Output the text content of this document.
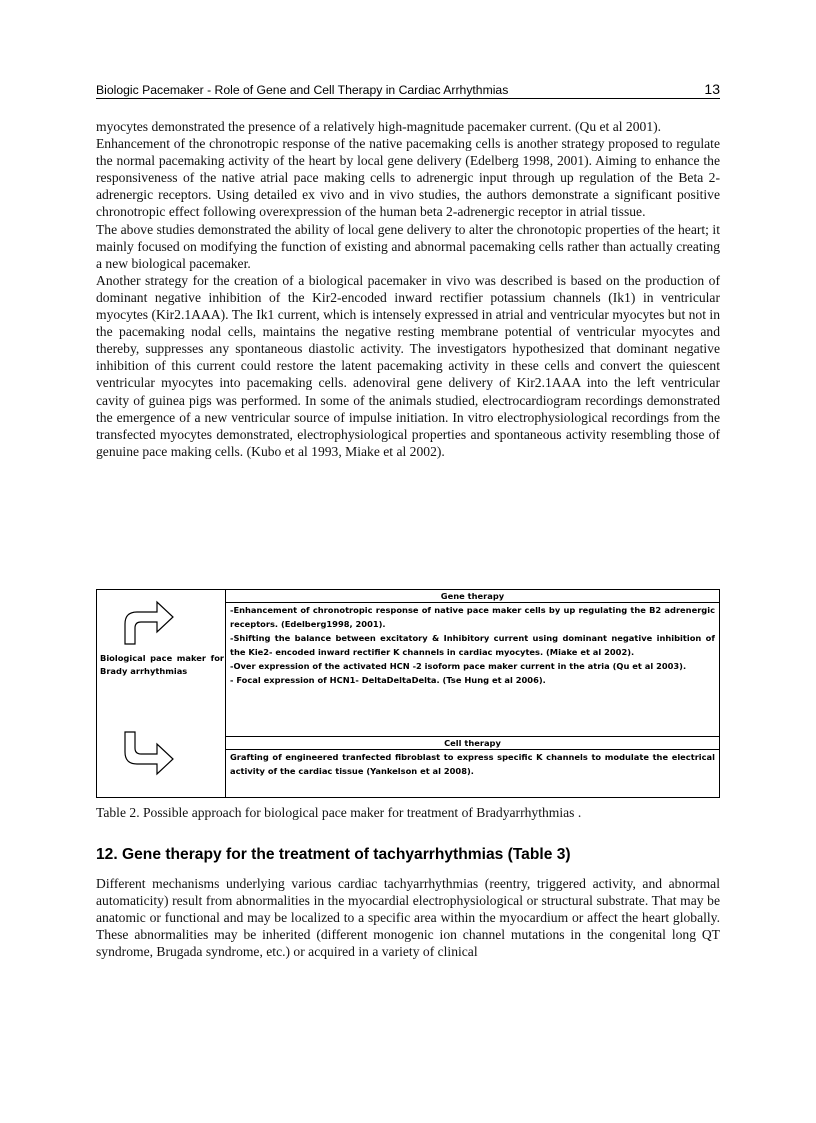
Biologic Pacemaker - Role of Gene and Cell Therapy in Cardiac Arrhythmias	13

myocytes demonstrated the presence of a relatively high-magnitude pacemaker current. (Qu et al 2001).

Enhancement of the chronotropic response of the native pacemaking cells is another strategy proposed to regulate the normal pacemaking activity of the heart by local gene delivery (Edelberg 1998, 2001). Aiming to enhance the responsiveness of the native atrial pace making cells to adrenergic input through up regulation of the Beta 2-adrenergic receptors. Using detailed ex vivo and in vivo studies, the authors demonstrate a significant positive chronotropic effect following overexpression of the human beta 2-adrenergic receptor in atrial tissue.

The above studies demonstrated the ability of local gene delivery to alter the chronotopic properties of the heart; it mainly focused on modifying the function of existing and abnormal pacemaking cells rather than actually creating a new biological pacemaker.

Another strategy for the creation of a biological pacemaker in vivo was described is based on the production of dominant negative inhibition of the Kir2-encoded inward rectifier potassium channels (Ik1) in ventricular myocytes (Kir2.1AAA). The Ik1 current, which is intensely expressed in atrial and ventricular myocytes but not in the pacemaking nodal cells, maintains the negative resting membrane potential of ventricular myocytes and thereby, suppresses any spontaneous diastolic activity. The investigators hypothesized that dominant negative inhibition of this current could restore the latent pacemaking activity in these cells and convert the quiescent ventricular myocytes into pacemaking cells. adenoviral gene delivery of Kir2.1AAA into the left ventricular cavity of guinea pigs was performed. In some of the animals studied, electrocardiogram recordings demonstrated the emergence of a new ventricular source of impulse initiation. In vitro electrophysiological recordings from the transfected myocytes demonstrated, electrophysiological properties and spontaneous activity resembling those of genuine pace making cells. (Kubo et al 1993, Miake et al 2002).

Biological pace maker for Brady arrhythmias
	Gene therapy

-Enhancement of chronotropic response of native pace maker cells by up regulating the B2 adrenergic receptors. (Edelberg1998, 2001).
-Shifting the balance between excitatory & Inhibitory current using dominant negative inhibition of the Kie2- encoded inward rectifier K channels in cardiac myocytes. (Miake et al 2002).
-Over expression of the activated HCN -2 isoform pace maker current in the atria (Qu et al 2003).
- Focal expression of HCN1- DeltaDeltaDelta. (Tse Hung et al 2006).

Cell therapy

Grafting of engineered tranfected fibroblast to express specific K channels to modulate the electrical activity of the cardiac tissue (Yankelson et al 2008).
Table 2. Possible approach for biological pace maker for treatment of Bradyarrhythmias .
12. Gene therapy for the treatment of tachyarrhythmias (Table 3)

Different mechanisms underlying various cardiac tachyarrhythmias (reentry, triggered activity, and abnormal automaticity) result from abnormalities in the myocardial electrophysiological or structural substrate. That may be anatomic or functional and may be localized to a specific area within the myocardium or affect the heart globally. These abnormalities may be inherited (different monogenic ion channel mutations in the congenital long QT syndrome, Brugada syndrome, etc.) or acquired in a variety of clinical
